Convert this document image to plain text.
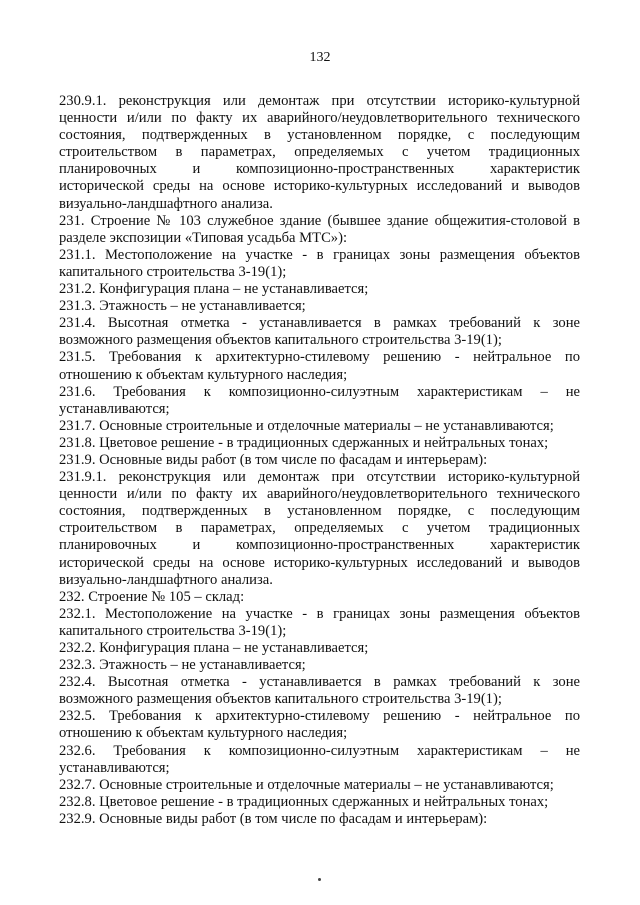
132
230.9.1. реконструкция или демонтаж при отсутствии историко-культурной
ценности и/или по факту их аварийного/неудовлетворительного технического
состояния, подтвержденных в установленном порядке, с последующим
строительством в параметрах, определяемых с учетом традиционных
планировочных и композиционно-пространственных характеристик
исторической среды на основе историко-культурных исследований и выводов
визуально-ландшафтного анализа.
231. Строение № 103 служебное здание (бывшее здание общежития-столовой в
разделе экспозиции «Типовая усадьба МТС»):
231.1. Местоположение на участке - в границах зоны размещения объектов
капитального строительства 3-19(1);
231.2. Конфигурация плана – не устанавливается;
231.3. Этажность – не устанавливается;
231.4. Высотная отметка - устанавливается в рамках требований к зоне
возможного размещения объектов капитального строительства 3-19(1);
231.5. Требования к архитектурно-стилевому решению - нейтральное по
отношению к объектам культурного наследия;
231.6. Требования к композиционно-силуэтным характеристикам – не
устанавливаются;
231.7. Основные строительные и отделочные материалы – не устанавливаются;
231.8. Цветовое решение - в традиционных сдержанных и нейтральных тонах;
231.9. Основные виды работ (в том числе по фасадам и интерьерам):
231.9.1. реконструкция или демонтаж при отсутствии историко-культурной
ценности и/или по факту их аварийного/неудовлетворительного технического
состояния, подтвержденных в установленном порядке, с последующим
строительством в параметрах, определяемых с учетом традиционных
планировочных и композиционно-пространственных характеристик
исторической среды на основе историко-культурных исследований и выводов
визуально-ландшафтного анализа.
232. Строение № 105 – склад:
232.1. Местоположение на участке - в границах зоны размещения объектов
капитального строительства 3-19(1);
232.2. Конфигурация плана – не устанавливается;
232.3. Этажность – не устанавливается;
232.4. Высотная отметка - устанавливается в рамках требований к зоне
возможного размещения объектов капитального строительства 3-19(1);
232.5. Требования к архитектурно-стилевому решению - нейтральное по
отношению к объектам культурного наследия;
232.6. Требования к композиционно-силуэтным характеристикам – не
устанавливаются;
232.7. Основные строительные и отделочные материалы – не устанавливаются;
232.8. Цветовое решение - в традиционных сдержанных и нейтральных тонах;
232.9. Основные виды работ (в том числе по фасадам и интерьерам):
